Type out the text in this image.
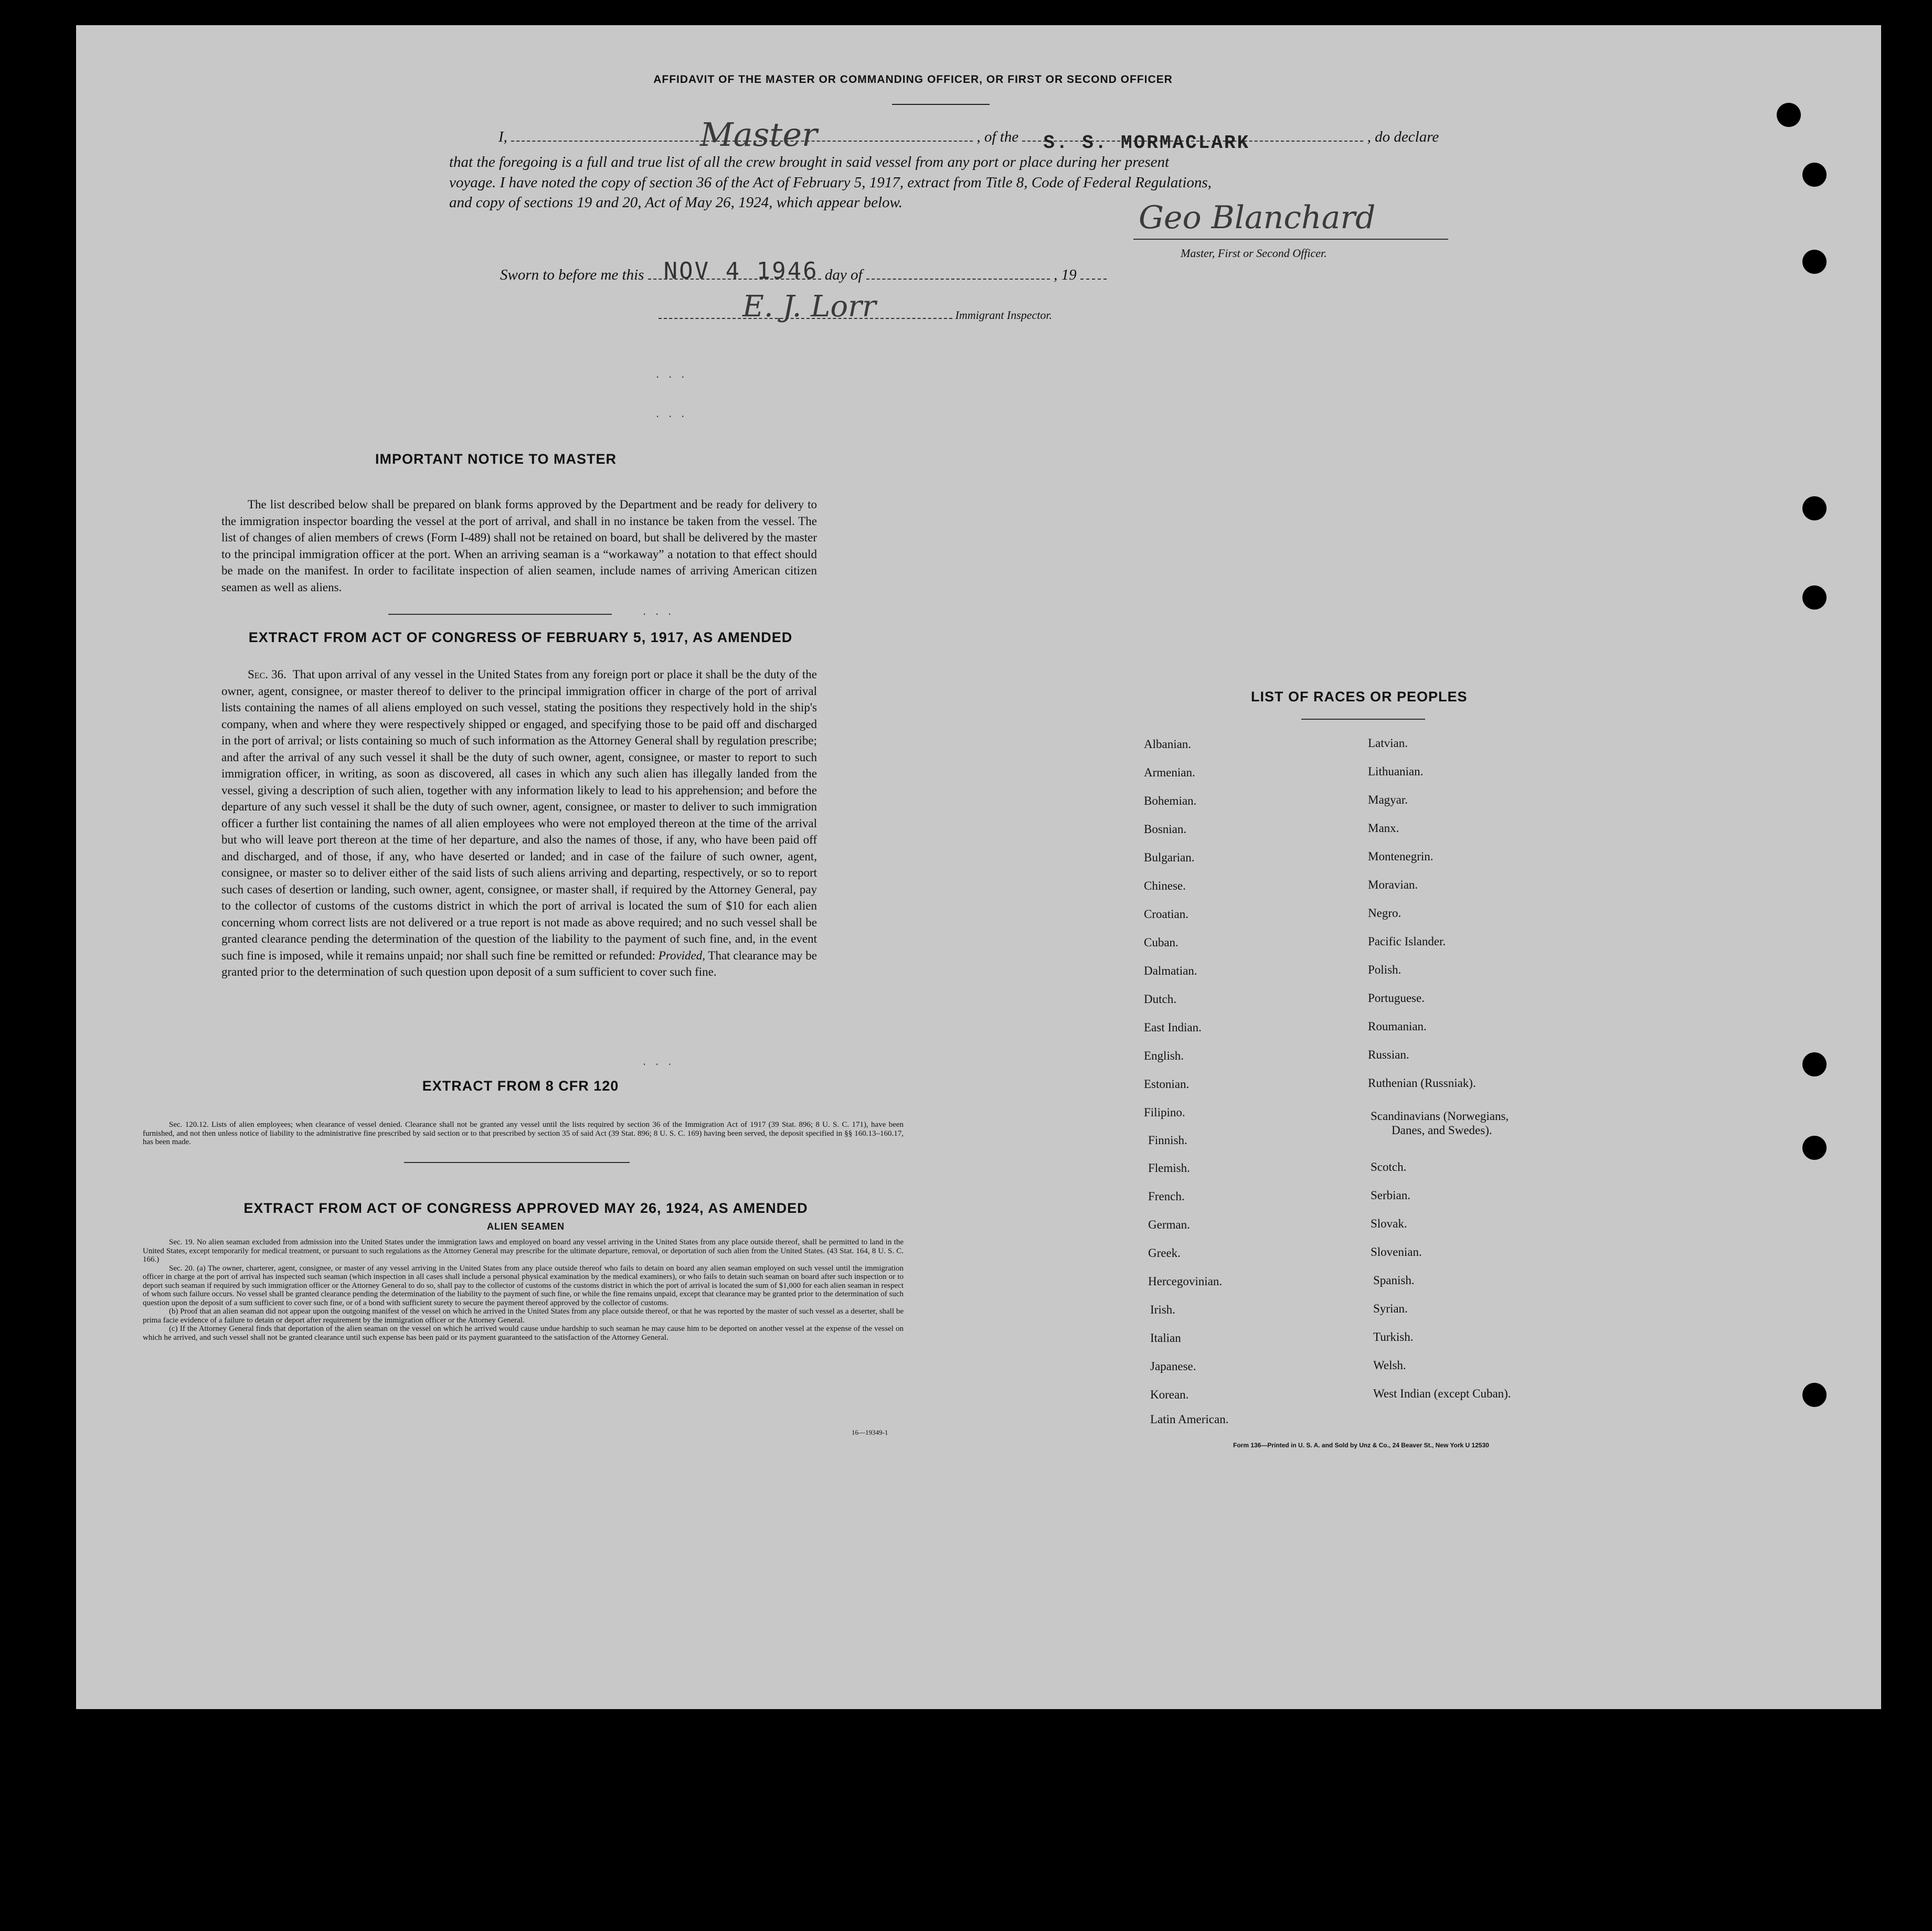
AFFIDAVIT OF THE MASTER OR COMMANDING OFFICER, OR FIRST OR SECOND OFFICER
I,	Master	, of the S. S. MORMACLARK	, do declare
that the foregoing is a full and true list of all the crew brought in said vessel from any port or place during her present
voyage. I have noted the copy of section 36 of the Act of February 5, 1917, extract from Title 8, Code of Federal Regulations,
and copy of sections 19 and 20, Act of May 26, 1924, which appear below.	Geo Blanchard
Master, First or Second Officer.
Sworn to before me this NOV 4 1946 day of	, 19
E. J. Lorr	Immigrant Inspector.
IMPORTANT NOTICE TO MASTER
The list described below shall be prepared on blank forms approved by the Department and be ready for delivery to the immigration inspector boarding the vessel at the port of arrival, and shall in no instance be taken from the vessel. The list of changes of alien members of crews (Form I-489) shall not be retained on board, but shall be delivered by the master to the principal immigration officer at the port. When an arriving seaman is a “workaway” a notation to that effect should be made on the manifest. In order to facilitate inspection of alien seamen, include names of arriving American citizen seamen as well as aliens.
...
EXTRACT FROM ACT OF CONGRESS OF FEBRUARY 5, 1917, AS AMENDED
Sec. 36. That upon arrival of any vessel in the United States from any foreign port or place it shall be the duty of the owner, agent, consignee, or master thereof to deliver to the principal immigration officer in charge of the port of arrival lists containing the names of all aliens employed on such vessel, stating the positions they respectively hold in the ship's company, when and where they were respectively shipped or engaged, and specifying those to be paid off and discharged in the port of arrival; or lists containing so much of such information as the Attorney General shall by regulation prescribe; and after the arrival of any such vessel it shall be the duty of such owner, agent, consignee, or master to report to such immigration officer, in writing, as soon as discovered, all cases in which any such alien has illegally landed from the vessel, giving a description of such alien, together with any information likely to lead to his apprehension; and before the departure of any such vessel it shall be the duty of such owner, agent, consignee, or master to deliver to such immigration officer a further list containing the names of all alien employees who were not employed thereon at the time of the arrival but who will leave port thereon at the time of her departure, and also the names of those, if any, who have been paid off and discharged, and of those, if any, who have deserted or landed; and in case of the failure of such owner, agent, consignee, or master so to deliver either of the said lists of such aliens arriving and departing, respectively, or so to report such cases of desertion or landing, such owner, agent, consignee, or master shall, if required by the Attorney General, pay to the collector of customs of the customs district in which the port of arrival is located the sum of $10 for each alien concerning whom correct lists are not delivered or a true report is not made as above required; and no such vessel shall be granted clearance pending the determination of the question of the liability to the payment of such fine, and, in the event such fine is imposed, while it remains unpaid; nor shall such fine be remitted or refunded: Provided, That clearance may be granted prior to the determination of such question upon deposit of a sum sufficient to cover such fine.
...
EXTRACT FROM 8 CFR 120
Sec. 120.12. Lists of alien employees; when clearance of vessel denied. Clearance shall not be granted any vessel until the lists required by section 36 of the Immigration Act of 1917 (39 Stat. 896; 8 U. S. C. 171), have been furnished, and not then unless notice of liability to the administrative fine prescribed by said section or to that prescribed by section 35 of said Act (39 Stat. 896; 8 U. S. C. 169) having been served, the deposit specified in §§ 160.13–160.17, has been made.
EXTRACT FROM ACT OF CONGRESS APPROVED MAY 26, 1924, AS AMENDED
ALIEN SEAMEN

Sec. 19. No alien seaman excluded from admission into the United States under the immigration laws and employed on board any vessel arriving in the United States from any place outside thereof, shall be permitted to land in the United States, except temporarily for medical treatment, or pursuant to such regulations as the Attorney General may prescribe for the ultimate departure, removal, or deportation of such alien from the United States. (43 Stat. 164, 8 U. S. C. 166.)

Sec. 20. (a) The owner, charterer, agent, consignee, or master of any vessel arriving in the United States from any place outside thereof who fails to detain on board any alien seaman employed on such vessel until the immigration officer in charge at the port of arrival has inspected such seaman (which inspection in all cases shall include a personal physical examination by the medical examiners), or who fails to detain such seaman on board after such inspection or to deport such seaman if required by such immigration officer or the Attorney General to do so, shall pay to the collector of customs of the customs district in which the port of arrival is located the sum of $1,000 for each alien seaman in respect of whom such failure occurs. No vessel shall be granted clearance pending the determination of the liability to the payment of such fine, or while the fine remains unpaid, except that clearance may be granted prior to the determination of such question upon the deposit of a sum sufficient to cover such fine, or of a bond with sufficient surety to secure the payment thereof approved by the collector of customs.

(b) Proof that an alien seaman did not appear upon the outgoing manifest of the vessel on which he arrived in the United States from any place outside thereof, or that he was reported by the master of such vessel as a deserter, shall be prima facie evidence of a failure to detain or deport after requirement by the immigration officer or the Attorney General.

(c) If the Attorney General finds that deportation of the alien seaman on the vessel on which he arrived would cause undue hardship to such seaman he may cause him to be deported on another vessel at the expense of the vessel on which he arrived, and such vessel shall not be granted clearance until such expense has been paid or its payment guaranteed to the satisfaction of the Attorney General.

16—19349-1
LIST OF RACES OR PEOPLES
Albanian.
Armenian.
Bohemian.
Bosnian.
Bulgarian.
Chinese.
Croatian.
Cuban.
Dalmatian.
Dutch.
East Indian.
English.
Estonian.
Filipino.
Finnish.
Flemish.
French.
German.
Greek.
Hercegovinian.
Irish.
Italian
Japanese.
Korean.
Latin American.
Latvian.
Lithuanian.
Magyar.
Manx.
Montenegrin.
Moravian.
Negro.
Pacific Islander.
Polish.
Portuguese.
Roumanian.
Russian.
Ruthenian (Russniak).
Scandinavians (Norwegians,
Danes, and Swedes).
Scotch.
Serbian.
Slovak.
Slovenian.
Spanish.
Syrian.
Turkish.
Welsh.
West Indian (except Cuban).
Form 136—Printed in U. S. A. and Sold by Unz & Co., 24 Beaver St., New York U 12530
...
...
